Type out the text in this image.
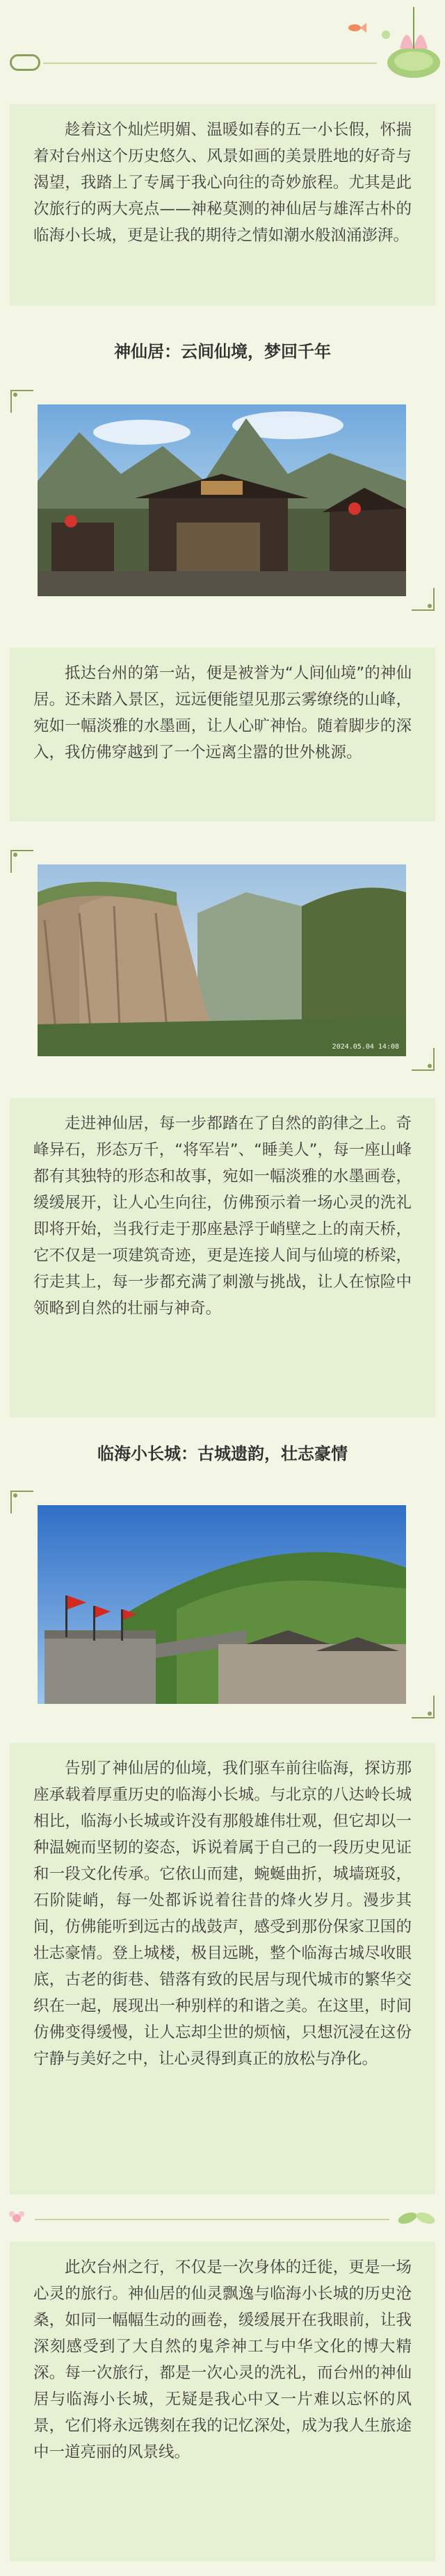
趁着这个灿烂明媚、温暖如春的五一小长假，怀揣着对台州这个历史悠久、风景如画的美景胜地的好奇与渴望，我踏上了专属于我心向往的奇妙旅程。尤其是此次旅行的两大亮点——神秘莫测的神仙居与雄浑古朴的临海小长城，更是让我的期待之情如潮水般汹涌澎湃。

神仙居：云间仙境，梦回千年

抵达台州的第一站，便是被誉为“人间仙境”的神仙居。还未踏入景区，远远便能望见那云雾缭绕的山峰，宛如一幅淡雅的水墨画，让人心旷神怡。随着脚步的深入，我仿佛穿越到了一个远离尘嚣的世外桃源。

2024.05.04 14:08

走进神仙居，每一步都踏在了自然的韵律之上。奇峰异石，形态万千，“将军岩”、“睡美人”，每一座山峰都有其独特的形态和故事，宛如一幅淡雅的水墨画卷，缓缓展开，让人心生向往，仿佛预示着一场心灵的洗礼即将开始，当我行走于那座悬浮于峭壁之上的南天桥，它不仅是一项建筑奇迹，更是连接人间与仙境的桥梁，行走其上，每一步都充满了刺激与挑战，让人在惊险中领略到自然的壮丽与神奇。

临海小长城：古城遗韵，壮志豪情

告别了神仙居的仙境，我们驱车前往临海，探访那座承载着厚重历史的临海小长城。与北京的八达岭长城相比，临海小长城或许没有那般雄伟壮观，但它却以一种温婉而坚韧的姿态，诉说着属于自己的一段历史见证和一段文化传承。它依山而建，蜿蜒曲折，城墙斑驳，石阶陡峭，每一处都诉说着往昔的烽火岁月。漫步其间，仿佛能听到远古的战鼓声，感受到那份保家卫国的壮志豪情。登上城楼，极目远眺，整个临海古城尽收眼底，古老的街巷、错落有致的民居与现代城市的繁华交织在一起，展现出一种别样的和谐之美。在这里，时间仿佛变得缓慢，让人忘却尘世的烦恼，只想沉浸在这份宁静与美好之中，让心灵得到真正的放松与净化。

此次台州之行，不仅是一次身体的迁徙，更是一场心灵的旅行。神仙居的仙灵飘逸与临海小长城的历史沧桑，如同一幅幅生动的画卷，缓缓展开在我眼前，让我深刻感受到了大自然的鬼斧神工与中华文化的博大精深。每一次旅行，都是一次心灵的洗礼，而台州的神仙居与临海小长城，无疑是我心中又一片难以忘怀的风景，它们将永远镌刻在我的记忆深处，成为我人生旅途中一道亮丽的风景线。
